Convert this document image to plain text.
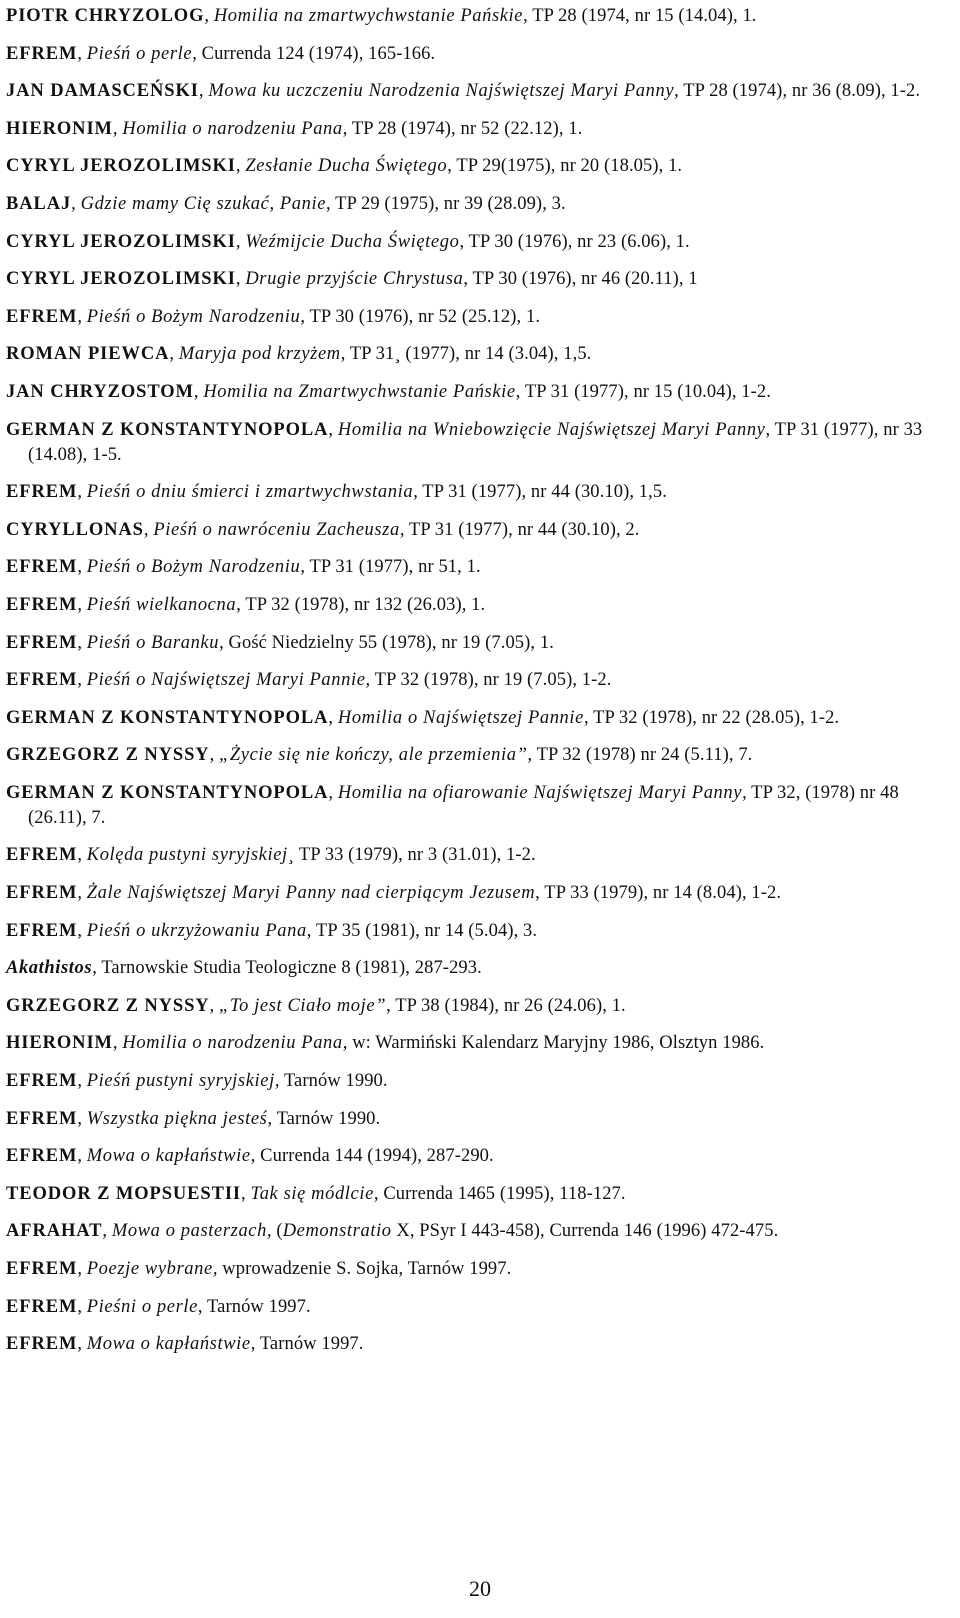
PIOTR CHRYZOLOG, Homilia na zmartwychwstanie Pańskie, TP 28 (1974, nr 15 (14.04), 1.

EFREM, Pieśń o perle, Currenda 124 (1974), 165-166.

JAN DAMASCEŃSKI, Mowa ku uczczeniu Narodzenia Najświętszej Maryi Panny, TP 28 (1974), nr 36 (8.09), 1-2.

HIERONIM, Homilia o narodzeniu Pana, TP 28 (1974), nr 52 (22.12), 1.

CYRYL JEROZOLIMSKI, Zesłanie Ducha Świętego, TP 29(1975), nr 20 (18.05), 1.

BALAJ, Gdzie mamy Cię szukać, Panie, TP 29 (1975), nr 39 (28.09), 3.

CYRYL JEROZOLIMSKI, Weźmijcie Ducha Świętego, TP 30 (1976), nr 23 (6.06), 1.

CYRYL JEROZOLIMSKI, Drugie przyjście Chrystusa, TP 30 (1976), nr 46 (20.11), 1

EFREM, Pieśń o Bożym Narodzeniu, TP 30 (1976), nr 52 (25.12), 1.

ROMAN PIEWCA, Maryja pod krzyżem, TP 31¸ (1977), nr 14 (3.04), 1,5.

JAN CHRYZOSTOM, Homilia na Zmartwychwstanie Pańskie, TP 31 (1977), nr 15 (10.04), 1-2.

GERMAN Z KONSTANTYNOPOLA, Homilia na Wniebowzięcie Najświętszej Maryi Panny, TP 31 (1977), nr 33 (14.08), 1-5.

EFREM, Pieśń o dniu śmierci i zmartwychwstania, TP 31 (1977), nr 44 (30.10), 1,5.

CYRYLLONAS, Pieśń o nawróceniu Zacheusza, TP 31 (1977), nr 44 (30.10), 2.

EFREM, Pieśń o Bożym Narodzeniu, TP 31 (1977), nr 51, 1.

EFREM, Pieśń wielkanocna, TP 32 (1978), nr 132 (26.03), 1.

EFREM, Pieśń o Baranku, Gość Niedzielny 55 (1978), nr 19 (7.05), 1.

EFREM, Pieśń o Najświętszej Maryi Pannie, TP 32 (1978), nr 19 (7.05), 1-2.

GERMAN Z KONSTANTYNOPOLA, Homilia o Najświętszej Pannie, TP 32 (1978), nr 22 (28.05), 1-2.

GRZEGORZ Z NYSSY, „Życie się nie kończy, ale przemienia”, TP 32 (1978) nr 24 (5.11), 7.

GERMAN Z KONSTANTYNOPOLA, Homilia na ofiarowanie Najświętszej Maryi Panny, TP 32, (1978) nr 48 (26.11), 7.

EFREM, Kolęda pustyni syryjskiej¸ TP 33 (1979), nr 3 (31.01), 1-2.

EFREM, Żale Najświętszej Maryi Panny nad cierpiącym Jezusem, TP 33 (1979), nr 14 (8.04), 1-2.

EFREM, Pieśń o ukrzyżowaniu Pana, TP 35 (1981), nr 14 (5.04), 3.

Akathistos, Tarnowskie Studia Teologiczne 8 (1981), 287-293.

GRZEGORZ Z NYSSY, „To jest Ciało moje”, TP 38 (1984), nr 26 (24.06), 1.

HIERONIM, Homilia o narodzeniu Pana, w: Warmiński Kalendarz Maryjny 1986, Olsztyn 1986.

EFREM, Pieśń pustyni syryjskiej, Tarnów 1990.

EFREM, Wszystka piękna jesteś, Tarnów 1990.

EFREM, Mowa o kapłaństwie, Currenda 144 (1994), 287-290.

TEODOR Z MOPSUESTII, Tak się módlcie, Currenda 1465 (1995), 118-127.

AFRAHAT, Mowa o pasterzach, (Demonstratio X, PSyr I 443-458), Currenda 146 (1996) 472-475.

EFREM, Poezje wybrane, wprowadzenie S. Sojka, Tarnów 1997.

EFREM, Pieśni o perle, Tarnów 1997.

EFREM, Mowa o kapłaństwie, Tarnów 1997.

20
